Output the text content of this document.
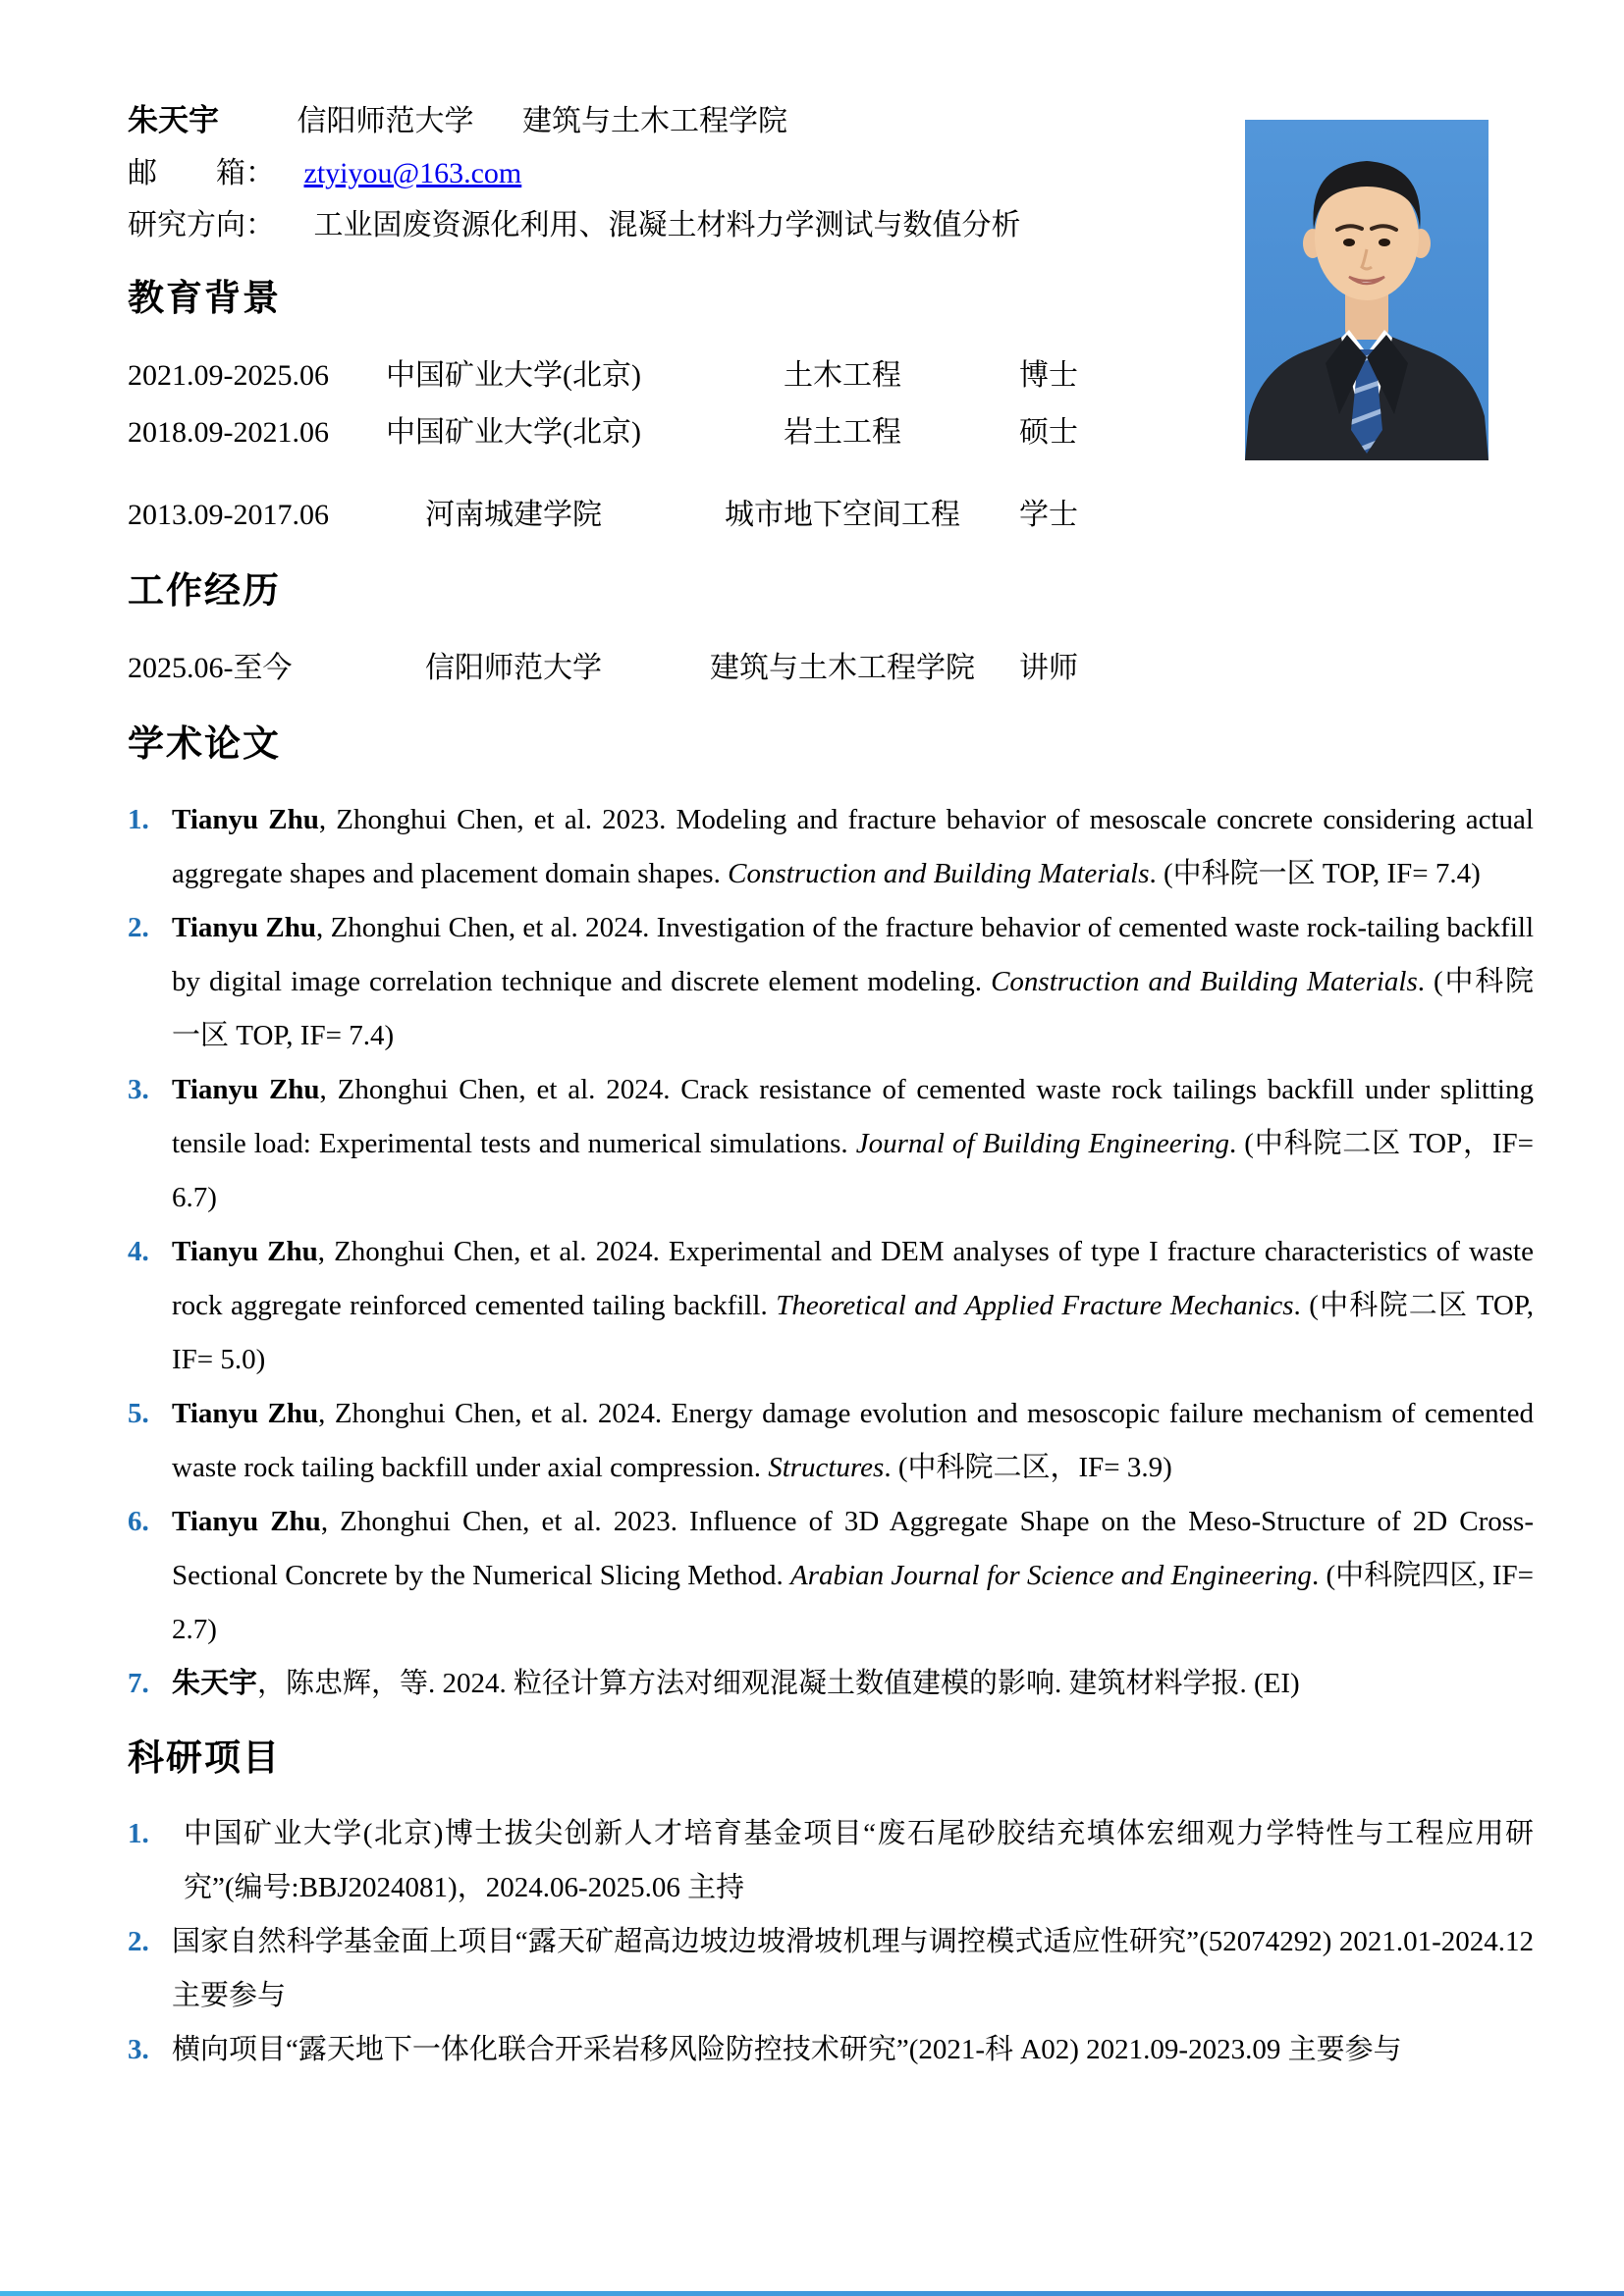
朱天宇	信阳师范大学 建筑与土木工程学院
邮　　箱： ztyiyou@163.com
研究方向： 工业固废资源化利用、混凝土材料力学测试与数值分析
教育背景
2021.09-2025.06	中国矿业大学(北京)	土木工程	博士
2018.09-2021.06	中国矿业大学(北京)	岩土工程	硕士
2013.09-2017.06	河南城建学院	城市地下空间工程	学士
工作经历
2025.06-至今	信阳师范大学	建筑与土木工程学院	讲师
学术论文
1. Tianyu Zhu, Zhonghui Chen, et al. 2023. Modeling and fracture behavior of mesoscale concrete considering actual aggregate shapes and placement domain shapes. Construction and Building Materials. (中科院一区 TOP, IF= 7.4)
2. Tianyu Zhu, Zhonghui Chen, et al. 2024. Investigation of the fracture behavior of cemented waste rock-tailing backfill by digital image correlation technique and discrete element modeling. Construction and Building Materials. (中科院一区 TOP, IF= 7.4)
3. Tianyu Zhu, Zhonghui Chen, et al. 2024. Crack resistance of cemented waste rock tailings backfill under splitting tensile load: Experimental tests and numerical simulations. Journal of Building Engineering. (中科院二区 TOP，IF= 6.7)
4. Tianyu Zhu, Zhonghui Chen, et al. 2024. Experimental and DEM analyses of type I fracture characteristics of waste rock aggregate reinforced cemented tailing backfill. Theoretical and Applied Fracture Mechanics. (中科院二区 TOP, IF= 5.0)
5. Tianyu Zhu, Zhonghui Chen, et al. 2024. Energy damage evolution and mesoscopic failure mechanism of cemented waste rock tailing backfill under axial compression. Structures. (中科院二区，IF= 3.9)
6. Tianyu Zhu, Zhonghui Chen, et al. 2023. Influence of 3D Aggregate Shape on the Meso-Structure of 2D Cross-Sectional Concrete by the Numerical Slicing Method. Arabian Journal for Science and Engineering. (中科院四区, IF= 2.7)
7. 朱天宇，陈忠辉，等. 2024. 粒径计算方法对细观混凝土数值建模的影响. 建筑材料学报. (EI)
科研项目
1.	中国矿业大学(北京)博士拔尖创新人才培育基金项目“废石尾砂胶结充填体宏细观力学特性与工程应用研究”(编号:BBJ2024081)，2024.06-2025.06 主持
2. 国家自然科学基金面上项目“露天矿超高边坡边坡滑坡机理与调控模式适应性研究”(52074292) 2021.01-2024.12 主要参与
3. 横向项目“露天地下一体化联合开采岩移风险防控技术研究”(2021-科 A02) 2021.09-2023.09 主要参与
